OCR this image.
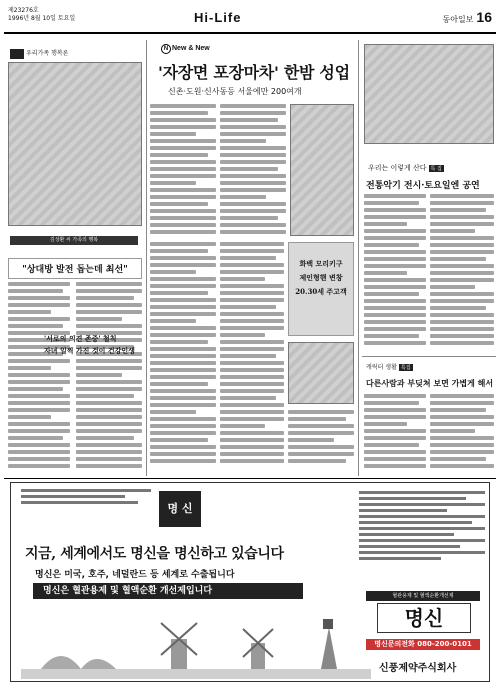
제23276호
1996년 8월 10일 토요일	Hi-Life	동아일보 16
우리가족 행복론
김성환 씨 가족의 행복
"상대방 발전 돕는데 최선"
'서로의 의견 존중' 철칙
자녀 일찍 가진 것이 건강인생
N New & New
'자장면 포장마차' 한밤 성업
신촌·도원·신사동등 서울에만 200여개
화백 모리키구
제인형핸 변창
20.30세 주고객
우리는 이렇게 산다 특 집
전통악기 전시·토요일엔 공연
캐릭터 생활 특집
다른사람과 부딪쳐 보면 가볍게 해서
명 신
지금, 세계에서도 명신을 명신하고 있습니다
명신은 미국, 호주, 네덜란드 등 세계로 수출됩니다
명신은 혈관용제 및 혈액순환 개선제입니다	혈관용제 및 혈액순환개선제
명신
명신문의전화 080-200-0101
신풍제약주식회사
